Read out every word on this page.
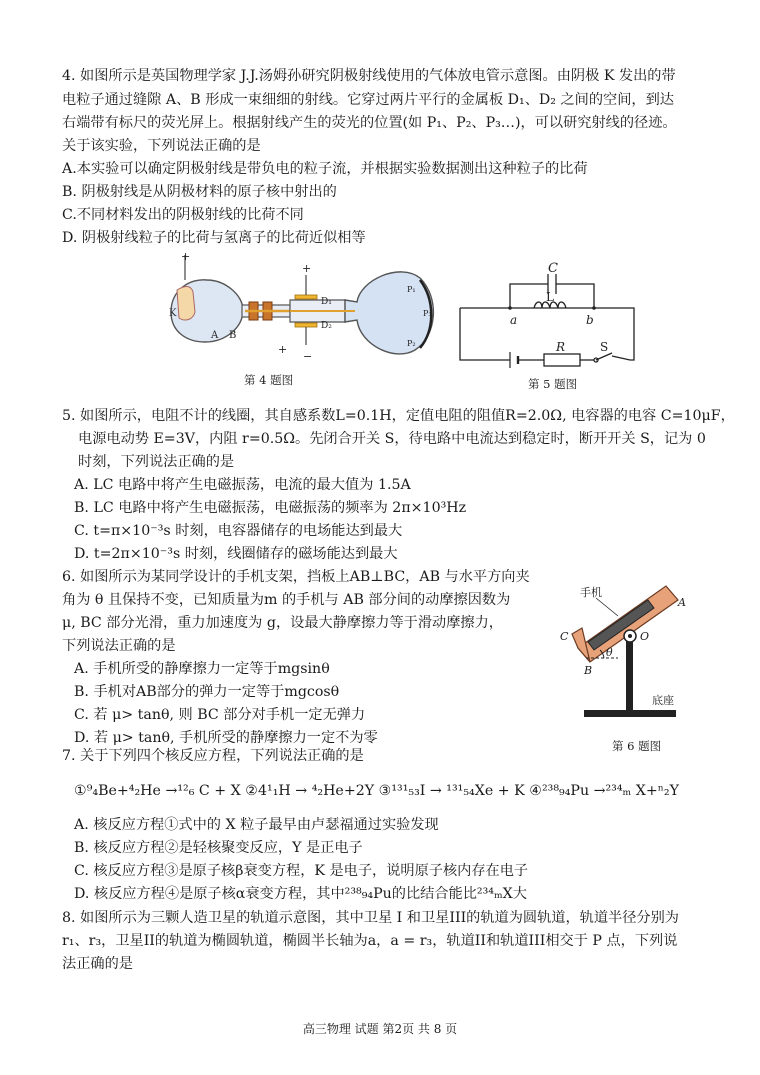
4. 如图所示是英国物理学家 J.J.汤姆孙研究阴极射线使用的气体放电管示意图。由阴极 K 发出的带
电粒子通过缝隙 A、B 形成一束细细的射线。它穿过两片平行的金属板 D₁、D₂ 之间的空间，到达
右端带有标尺的荧光屏上。根据射线产生的荧光的位置(如 P₁、P₂、P₃…)，可以研究射线的径迹。
关于该实验，下列说法正确的是
A.本实验可以确定阴极射线是带负电的粒子流，并根据实验数据测出这种粒子的比荷
B. 阴极射线是从阴极材料的原子核中射出的
C.不同材料发出的阴极射线的比荷不同
D. 阴极射线粒子的比荷与氢离子的比荷近似相等
+
K
A B
+
D₁
D₂
+
P₁
P₃
P₂
−
第 4 题图
C
L
a	b
R	S
第 5 题图
5. 如图所示，电阻不计的线圈，其自感系数L=0.1H，定值电阻的阻值R=2.0Ω, 电容器的电容 C=10μF，
电源电动势 E=3V，内阻 r=0.5Ω。先闭合开关 S，待电路中电流达到稳定时，断开开关 S，记为 0
时刻，下列说法正确的是
A. LC 电路中将产生电磁振荡，电流的最大值为 1.5A
B. LC 电路中将产生电磁振荡，电磁振荡的频率为 2π×10³Hz
C. t=π×10⁻³s 时刻，电容器储存的电场能达到最大
D. t=2π×10⁻³s 时刻，线圈储存的磁场能达到最大
6. 如图所示为某同学设计的手机支架，挡板上AB⊥BC，AB 与水平方向夹
角为 θ 且保持不变，已知质量为m 的手机与 AB 部分间的动摩擦因数为
μ, BC 部分光滑，重力加速度为 g，设最大静摩擦力等于滑动摩擦力，
下列说法正确的是
A. 手机所受的静摩擦力一定等于mgsinθ
B. 手机对AB部分的弹力一定等于mgcosθ
C. 若 μ> tanθ, 则 BC 部分对手机一定无弹力
D. 若 μ> tanθ, 手机所受的静摩擦力一定不为零
手机
A
C	O
θ
B
底座
第 6 题图
7. 关于下列四个核反应方程，下列说法正确的是
①⁹₄Be+⁴₂He →¹²₆ C + X ②4¹₁H → ⁴₂He+2Y ③¹³¹₅₃I → ¹³¹₅₄Xe + K ④²³⁸₉₄Pu →²³⁴ₘ X+ⁿ₂Y
A. 核反应方程①式中的 X 粒子最早由卢瑟福通过实验发现
B. 核反应方程②是轻核聚变反应，Y 是正电子
C. 核反应方程③是原子核β衰变方程，K 是电子，说明原子核内存在电子
D. 核反应方程④是原子核α衰变方程，其中²³⁸₉₄Pu的比结合能比²³⁴ₘX大
8. 如图所示为三颗人造卫星的轨道示意图，其中卫星 I 和卫星III的轨道为圆轨道，轨道半径分别为
r₁、r₃，卫星II的轨道为椭圆轨道，椭圆半长轴为a，a = r₃，轨道II和轨道III相交于 P 点，下列说
法正确的是
高三物理 试题 第2页 共 8 页
